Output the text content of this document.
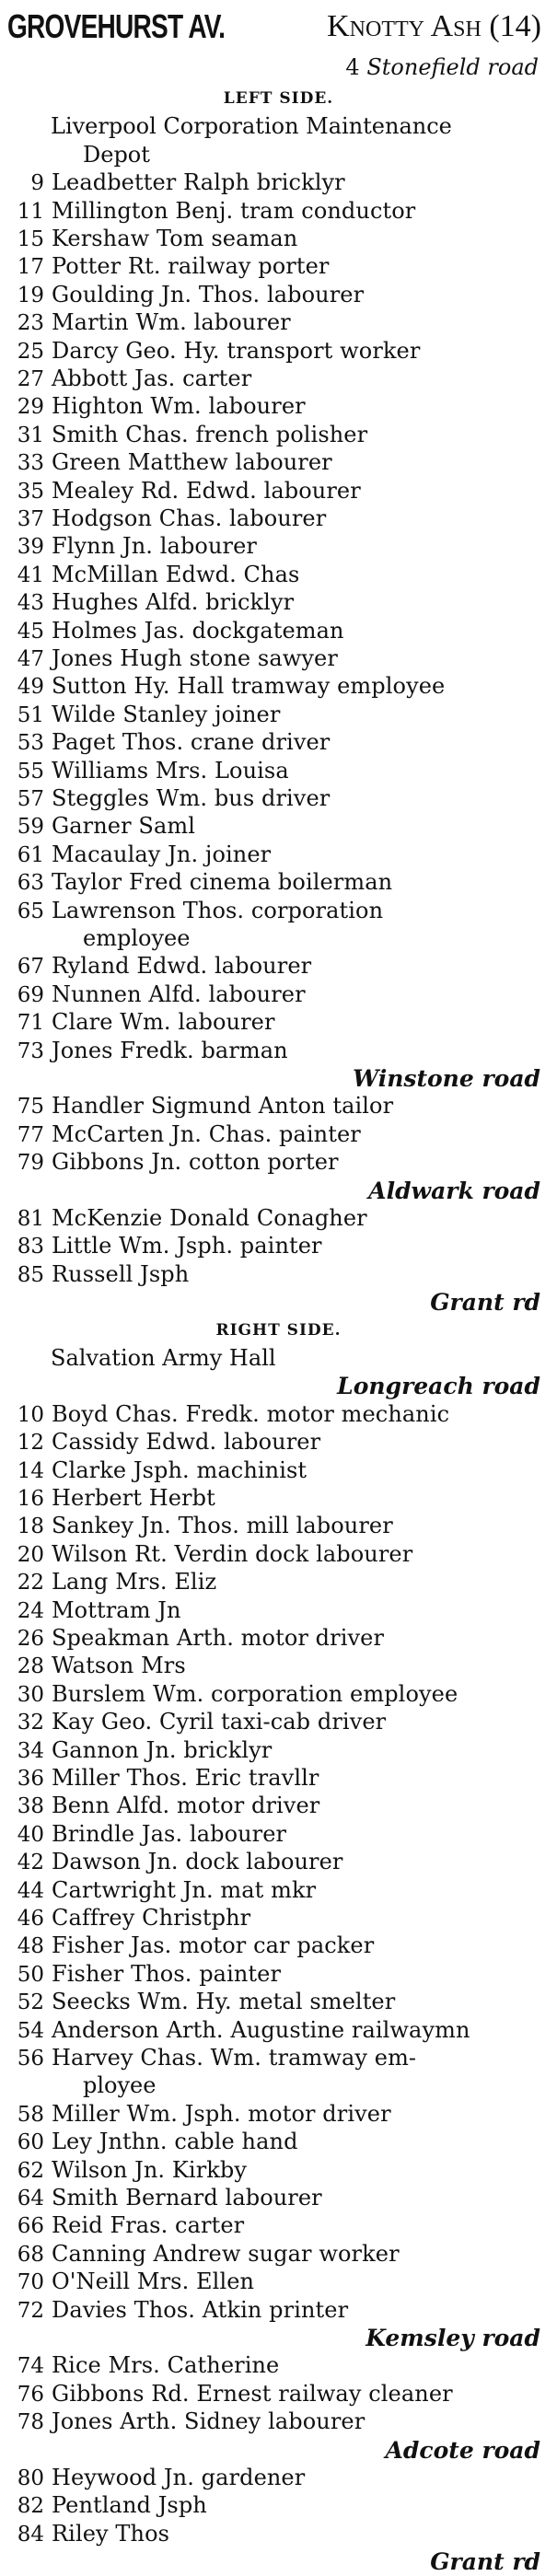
GROVEHURST AV.	Knotty Ash (14)
4 Stonefield road
LEFT SIDE.
Liverpool Corporation Maintenance
Depot
9 Leadbetter Ralph bricklyr
11 Millington Benj. tram conductor
15 Kershaw Tom seaman
17 Potter Rt. railway porter
19 Goulding Jn. Thos. labourer
23 Martin Wm. labourer
25 Darcy Geo. Hy. transport worker
27 Abbott Jas. carter
29 Highton Wm. labourer
31 Smith Chas. french polisher
33 Green Matthew labourer
35 Mealey Rd. Edwd. labourer
37 Hodgson Chas. labourer
39 Flynn Jn. labourer
41 McMillan Edwd. Chas
43 Hughes Alfd. bricklyr
45 Holmes Jas. dockgateman
47 Jones Hugh stone sawyer
49 Sutton Hy. Hall tramway employee
51 Wilde Stanley joiner
53 Paget Thos. crane driver
55 Williams Mrs. Louisa
57 Steggles Wm. bus driver
59 Garner Saml
61 Macaulay Jn. joiner
63 Taylor Fred cinema boilerman
65 Lawrenson Thos. corporation
employee
67 Ryland Edwd. labourer
69 Nunnen Alfd. labourer
71 Clare Wm. labourer
73 Jones Fredk. barman
Winstone road
75 Handler Sigmund Anton tailor
77 McCarten Jn. Chas. painter
79 Gibbons Jn. cotton porter
Aldwark road
81 McKenzie Donald Conagher
83 Little Wm. Jsph. painter
85 Russell Jsph
Grant rd
RIGHT SIDE.
Salvation Army Hall
Longreach road
10 Boyd Chas. Fredk. motor mechanic
12 Cassidy Edwd. labourer
14 Clarke Jsph. machinist
16 Herbert Herbt
18 Sankey Jn. Thos. mill labourer
20 Wilson Rt. Verdin dock labourer
22 Lang Mrs. Eliz
24 Mottram Jn
26 Speakman Arth. motor driver
28 Watson Mrs
30 Burslem Wm. corporation employee
32 Kay Geo. Cyril taxi-cab driver
34 Gannon Jn. bricklyr
36 Miller Thos. Eric travllr
38 Benn Alfd. motor driver
40 Brindle Jas. labourer
42 Dawson Jn. dock labourer
44 Cartwright Jn. mat mkr
46 Caffrey Christphr
48 Fisher Jas. motor car packer
50 Fisher Thos. painter
52 Seecks Wm. Hy. metal smelter
54 Anderson Arth. Augustine railwaymn
56 Harvey Chas. Wm. tramway em-
ployee
58 Miller Wm. Jsph. motor driver
60 Ley Jnthn. cable hand
62 Wilson Jn. Kirkby
64 Smith Bernard labourer
66 Reid Fras. carter
68 Canning Andrew sugar worker
70 O'Neill Mrs. Ellen
72 Davies Thos. Atkin printer
Kemsley road
74 Rice Mrs. Catherine
76 Gibbons Rd. Ernest railway cleaner
78 Jones Arth. Sidney labourer
Adcote road
80 Heywood Jn. gardener
82 Pentland Jsph
84 Riley Thos
Grant rd
